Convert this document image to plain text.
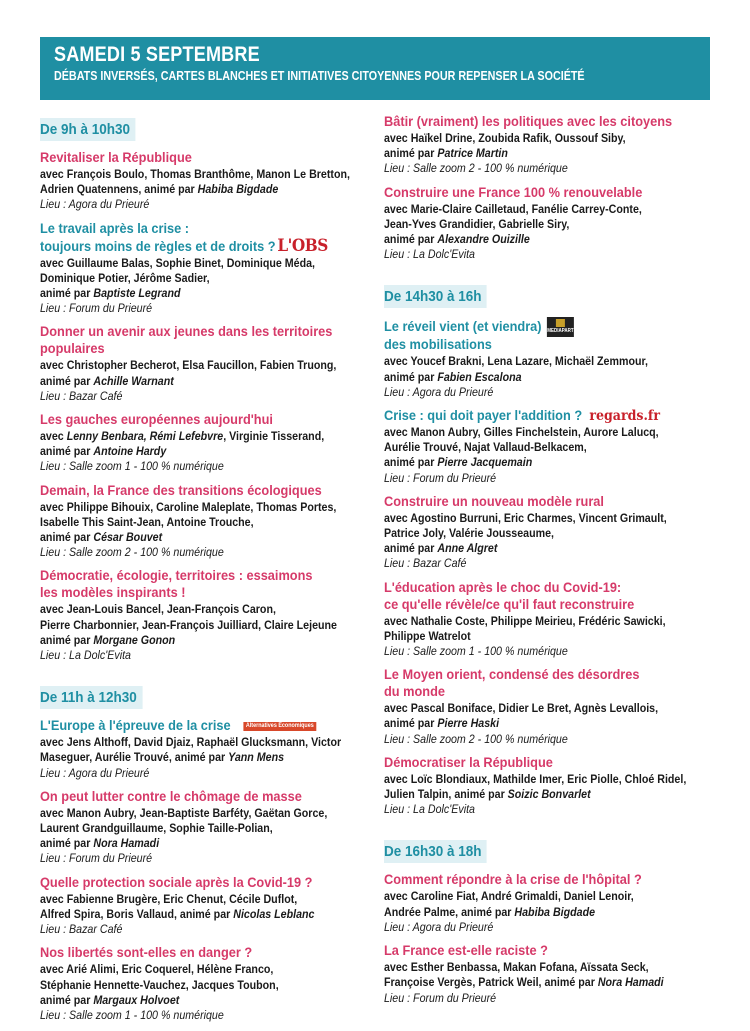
SAMEDI 5 SEPTEMBRE
DÉBATS INVERSÉS, CARTES BLANCHES ET INITIATIVES CITOYENNES POUR REPENSER LA SOCIÉTÉ
De 9h à 10h30
Revitaliser la République
avec François Boulo, Thomas Branthôme, Manon Le Bretton,
Adrien Quatennens, animé par Habiba Bigdade
Lieu : Agora du Prieuré
Le travail après la crise :
toujours moins de règles et de droits ? L'OBS
avec Guillaume Balas, Sophie Binet, Dominique Méda,
Dominique Potier, Jérôme Sadier,
animé par Baptiste Legrand
Lieu : Forum du Prieuré
Donner un avenir aux jeunes dans les territoires
populaires
avec Christopher Becherot, Elsa Faucillon, Fabien Truong,
animé par Achille Warnant
Lieu : Bazar Café
Les gauches européennes aujourd'hui
avec Lenny Benbara, Rémi Lefebvre, Virginie Tisserand,
animé par Antoine Hardy
Lieu : Salle zoom 1 - 100 % numérique
Demain, la France des transitions écologiques
avec Philippe Bihouix, Caroline Maleplate, Thomas Portes,
Isabelle This Saint-Jean, Antoine Trouche,
animé par César Bouvet
Lieu : Salle zoom 2 - 100 % numérique
Démocratie, écologie, territoires : essaimons
les modèles inspirants !
avec Jean-Louis Bancel, Jean-François Caron,
Pierre Charbonnier, Jean-François Juilliard, Claire Lejeune
animé par Morgane Gonon
Lieu : La Dolc'Evita
De 11h à 12h30
L'Europe à l'épreuve de la crise	Alternatives Économiques
avec Jens Althoff, David Djaiz, Raphaël Glucksmann, Victor
Maseguer, Aurélie Trouvé, animé par Yann Mens
Lieu : Agora du Prieuré
On peut lutter contre le chômage de masse
avec Manon Aubry, Jean-Baptiste Barféty, Gaëtan Gorce,
Laurent Grandguillaume, Sophie Taille-Polian,
animé par Nora Hamadi
Lieu : Forum du Prieuré
Quelle protection sociale après la Covid-19 ?
avec Fabienne Brugère, Eric Chenut, Cécile Duflot,
Alfred Spira, Boris Vallaud, animé par Nicolas Leblanc
Lieu : Bazar Café
Nos libertés sont-elles en danger ?
avec Arié Alimi, Eric Coquerel, Hélène Franco,
Stéphanie Hennette-Vauchez, Jacques Toubon,
animé par Margaux Holvoet
Lieu : Salle zoom 1 - 100 % numérique
Bâtir (vraiment) les politiques avec les citoyens
avec Haïkel Drine, Zoubida Rafik, Oussouf Siby,
animé par Patrice Martin
Lieu : Salle zoom 2 - 100 % numérique
Construire une France 100 % renouvelable
avec Marie-Claire Cailletaud, Fanélie Carrey-Conte,
Jean-Yves Grandidier, Gabrielle Siry,
animé par Alexandre Ouizille
Lieu : La Dolc'Evita
De 14h30 à 16h
Le réveil vient (et viendra) MEDIAPART
des mobilisations
avec Youcef Brakni, Lena Lazare, Michaël Zemmour,
animé par Fabien Escalona
Lieu : Agora du Prieuré
Crise : qui doit payer l'addition ? regards.fr
avec Manon Aubry, Gilles Finchelstein, Aurore Lalucq,
Aurélie Trouvé, Najat Vallaud-Belkacem,
animé par Pierre Jacquemain
Lieu : Forum du Prieuré
Construire un nouveau modèle rural
avec Agostino Burruni, Eric Charmes, Vincent Grimault,
Patrice Joly, Valérie Jousseaume,
animé par Anne Algret
Lieu : Bazar Café
L'éducation après le choc du Covid-19:
ce qu'elle révèle/ce qu'il faut reconstruire
avec Nathalie Coste, Philippe Meirieu, Frédéric Sawicki,
Philippe Watrelot
Lieu : Salle zoom 1 - 100 % numérique
Le Moyen orient, condensé des désordres
du monde
avec Pascal Boniface, Didier Le Bret, Agnès Levallois,
animé par Pierre Haski
Lieu : Salle zoom 2 - 100 % numérique
Démocratiser la République
avec Loïc Blondiaux, Mathilde Imer, Eric Piolle, Chloé Ridel,
Julien Talpin, animé par Soizic Bonvarlet
Lieu : La Dolc'Evita
De 16h30 à 18h
Comment répondre à la crise de l'hôpital ?
avec Caroline Fiat, André Grimaldi, Daniel Lenoir,
Andrée Palme, animé par Habiba Bigdade
Lieu : Agora du Prieuré
La France est-elle raciste ?
avec Esther Benbassa, Makan Fofana, Aïssata Seck,
Françoise Vergès, Patrick Weil, animé par Nora Hamadi
Lieu : Forum du Prieuré
